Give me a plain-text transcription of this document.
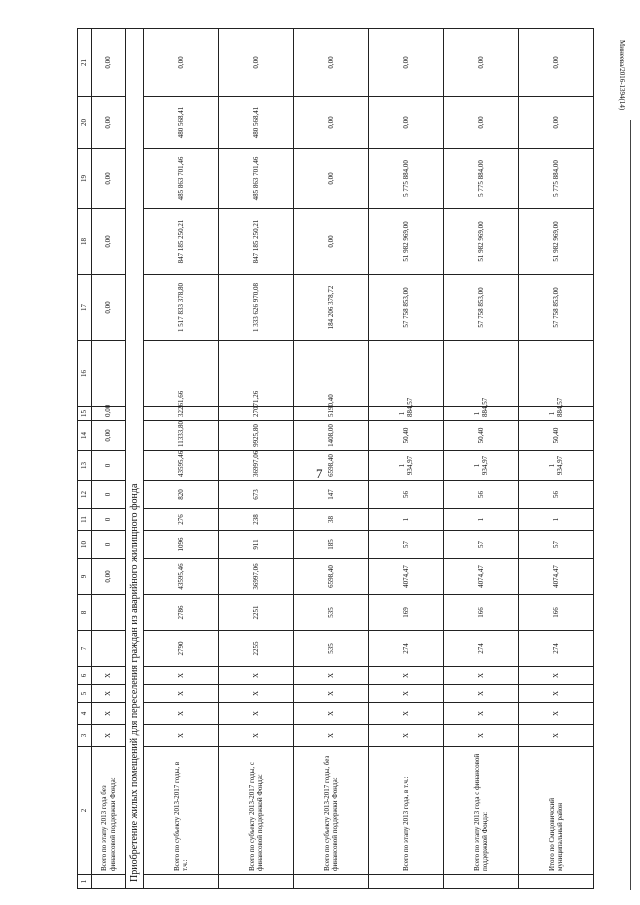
7
Минеева/2016-1394(14)
1	2	3	4	5	6	7	8	9	10	11	12	13	14	15	16	17	18	19	20	21	
	Всего по этапу 2013 года без финансовой поддержки Фонда:	X	X	X	X			0,00	0	0	0	0	0,00	0,00		0,00	0,00	0,00	0,00	0,00	
Приобретение жилых помещений для переселения граждан из аварийного жилищного фонда																					
	Всего по субъекту 2013-2017 годы, в т.ч.:	X	X	X	X	2790	2786	43595,46	1096	276	820	43595,46	11333,80	32261,66		1 517 833 378,80	847 185 250,21	485 863 701,46	480 568,41	0,00	
	Всего по субъекту 2013-2017 годы, с финансовой поддержкой Фонда:	X	X	X	X	2255	2251	36997,06	911	238	673	36997,06	9925,80	27071,26		1 333 626 970,08	847 185 250,21	485 863 701,46	480 568,41	0,00	
	Всего по субъекту 2013-2017 годы, без финансовой поддержки Фонда:	X	X	X	X	535	535	6598,40	185	38	147	6598,40	1408,00	5190,40		184 206 378,72	0,00	0,00	0,00	0,00	
	Всего по этапу 2013 года, в т.ч.:	X	X	X	X	274	169	4074,47	57	1	56	1 934,97	50,40	1 884,57		57 758 853,00	51 982 969,00	5 775 884,00	0,00	0,00	
	Всего по этапу 2013 года с финансовой поддержкой Фонда:	X	X	X	X	274	166	4074,47	57	1	56	1 934,97	50,40	1 884,57		57 758 853,00	51 982 969,00	5 775 884,00	0,00	0,00	
	Итого по Смидовичский муниципальный район	X	X	X	X	274	166	4074,47	57	1	56	1 934,97	50,40	1 884,57		57 758 853,00	51 982 969,00	5 775 884,00	0,00	0,00	
